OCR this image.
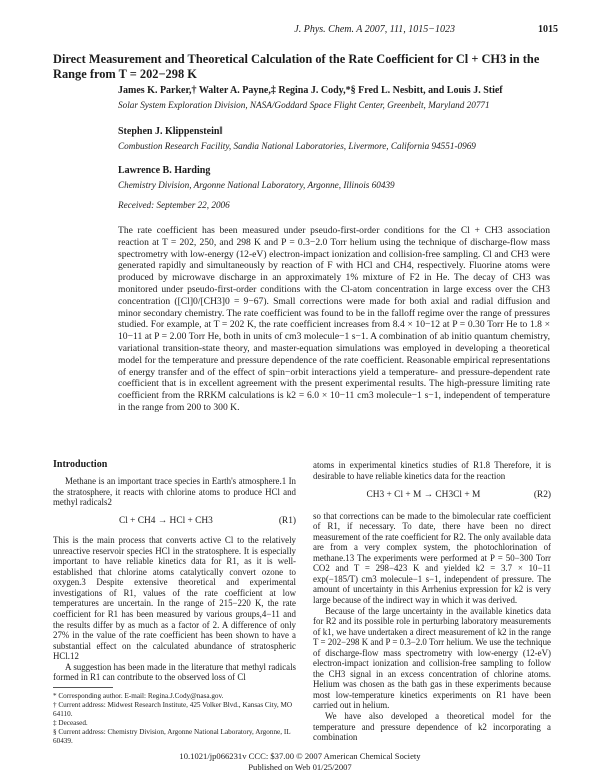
J. Phys. Chem. A 2007, 111, 1015−1023	1015
Direct Measurement and Theoretical Calculation of the Rate Coefficient for Cl + CH3 in the Range from T = 202−298 K
James K. Parker,† Walter A. Payne,‡ Regina J. Cody,*§ Fred L. Nesbitt, and Louis J. Stief
Solar System Exploration Division, NASA/Goddard Space Flight Center, Greenbelt, Maryland 20771
Stephen J. Klippenstein‖
Combustion Research Facility, Sandia National Laboratories, Livermore, California 94551-0969
Lawrence B. Harding
Chemistry Division, Argonne National Laboratory, Argonne, Illinois 60439
Received: September 22, 2006

The rate coefficient has been measured under pseudo-first-order conditions for the Cl + CH3 association reaction at T = 202, 250, and 298 K and P = 0.3−2.0 Torr helium using the technique of discharge-flow mass spectrometry with low-energy (12-eV) electron-impact ionization and collision-free sampling. Cl and CH3 were generated rapidly and simultaneously by reaction of F with HCl and CH4, respectively. Fluorine atoms were produced by microwave discharge in an approximately 1% mixture of F2 in He. The decay of CH3 was monitored under pseudo-first-order conditions with the Cl-atom concentration in large excess over the CH3 concentration ([Cl]0/[CH3]0 = 9−67). Small corrections were made for both axial and radial diffusion and minor secondary chemistry. The rate coefficient was found to be in the falloff regime over the range of pressures studied. For example, at T = 202 K, the rate coefficient increases from 8.4 × 10−12 at P = 0.30 Torr He to 1.8 × 10−11 at P = 2.00 Torr He, both in units of cm3 molecule−1 s−1. A combination of ab initio quantum chemistry, variational transition-state theory, and master-equation simulations was employed in developing a theoretical model for the temperature and pressure dependence of the rate coefficient. Reasonable empirical representations of energy transfer and of the effect of spin−orbit interactions yield a temperature- and pressure-dependent rate coefficient that is in excellent agreement with the present experimental results. The high-pressure limiting rate coefficient from the RRKM calculations is k2 = 6.0 × 10−11 cm3 molecule−1 s−1, independent of temperature in the range from 200 to 300 K.

Introduction

Methane is an important trace species in Earth's atmosphere.1 In the stratosphere, it reacts with chlorine atoms to produce HCl and methyl radicals2

Cl + CH4 → HCl + CH3	(R1)

This is the main process that converts active Cl to the relatively unreactive reservoir species HCl in the stratosphere. It is especially important to have reliable kinetics data for R1, as it is well-established that chlorine atoms catalytically convert ozone to oxygen.3 Despite extensive theoretical and experimental investigations of R1, values of the rate coefficient at low temperatures are uncertain. In the range of 215−220 K, the rate coefficient for R1 has been measured by various groups,4−11 and the results differ by as much as a factor of 2. A difference of only 27% in the value of the rate coefficient has been shown to have a substantial effect on the calculated abundance of stratospheric HCl.12

A suggestion has been made in the literature that methyl radicals formed in R1 can contribute to the observed loss of Cl

* Corresponding author. E-mail: Regina.J.Cody@nasa.gov.
† Current address: Midwest Research Institute, 425 Volker Blvd., Kansas City, MO 64110.
‡ Deceased.
§ Current address: Chemistry Division, Argonne National Laboratory, Argonne, IL 60439.

atoms in experimental kinetics studies of R1.8 Therefore, it is desirable to have reliable kinetics data for the reaction

CH3 + Cl + M → CH3Cl + M	(R2)

so that corrections can be made to the bimolecular rate coefficient of R1, if necessary. To date, there have been no direct measurement of the rate coefficient for R2. The only available data are from a very complex system, the photochlorination of methane.13 The experiments were performed at P = 50−300 Torr CO2 and T = 298−423 K and yielded k2 = 3.7 × 10−11 exp(−185/T) cm3 molecule−1 s−1, independent of pressure. The amount of uncertainty in this Arrhenius expression for k2 is very large because of the indirect way in which it was derived.

Because of the large uncertainty in the available kinetics data for R2 and its possible role in perturbing laboratory measurements of k1, we have undertaken a direct measurement of k2 in the range T = 202−298 K and P = 0.3−2.0 Torr helium. We use the technique of discharge-flow mass spectrometry with low-energy (12-eV) electron-impact ionization and collision-free sampling to follow the CH3 signal in an excess concentration of chlorine atoms. Helium was chosen as the bath gas in these experiments because most low-temperature kinetics experiments on R1 have been carried out in helium.

We have also developed a theoretical model for the temperature and pressure dependence of k2 incorporating a combination

10.1021/jp066231v CCC: $37.00 © 2007 American Chemical Society
Published on Web 01/25/2007
